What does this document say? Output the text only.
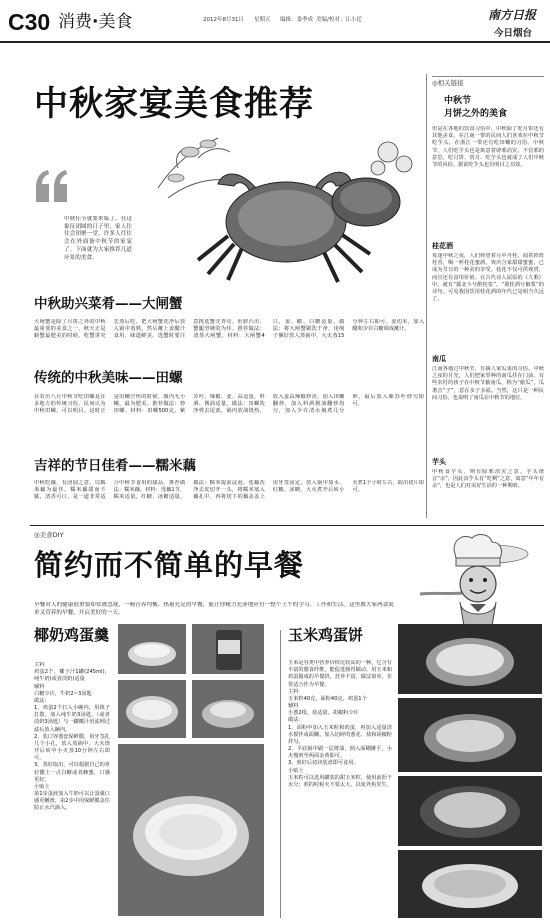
C30 消费·美食	2012年8月31日 星期五 编辑：娄季成 美编/校对：江小廷	南方日报
今日烟台
◎相关链接
中秋节
月饼之外的美食
但是在各地的饮食习俗中，中秋除了吃月饼还有其他美食。在江南一带的民间人们喜欢在中秋节吃芋头，在浙江一带还有吃田螺的习俗。中秋节，人们吃芋头也是寓意着辟邪消灾、不信邪的意思，吃月饼、赏月、吃芋头也就成了人们中秋节的风俗。据说吃芋头也有明目之功效。
桂花酒
每逢中秋之夜，人们仰望着月中丹桂，闻着阵阵桂香，喝一杯桂花蜜酒，欢庆合家甜甜蜜蜜，已成为节日的一种美的享受。桂花不仅可供观赏，而且还有食用价值。在古代诗人屈原的《九歌》中，就有“援北斗兮酌桂浆”，“奠桂酒兮椒浆”的诗句。可见我国饮用桂花酒的年代已是相当久远了。
南瓜
江南各地过中秋节，有摘人家瓜果的习俗。中秋之夜的月光，人们把家里种的南瓜挂在门前。有些农村的孩子在中秋节偷南瓜，称为“偷瓜”，瓜谐音“子”，意在多子多福。当然，这只是一种民间习俗，也说明了南瓜在中秋节的地位。
芋头
中秋食芋头，则有除邪消灾之意。芋头谐音“余”，因此食芋头有“吃剩”之意，寓意“年年有余”，也是人们对美好生活的一种期盼。
中秋家宴美食推荐
中秋佳节就要来临了，在这象征团圆的日子里，家人往往会团聚一堂。许多人往往会在外面备中秋节的家宴了。下面就为大家推荐几道应景的美食。
中秋助兴菜肴——大闸蟹
大闸蟹是除了月饼之外的中秋最重要的美食之一，秋天正是螃蟹最肥美的时候。吃蟹讲究先蒸后吃，把大闸蟹洗净后放入锅中蒸熟，然后蘸上姜醋汁食用，味道鲜美。选蟹时要注意挑选蟹壳青亮、肚脐凸出、蟹腿坚硬的为佳。推荐做法：清蒸大闸蟹。材料：大闸蟹4只，姜、醋、白糖适量。做法：将大闸蟹刷洗干净，用绳子捆好放入蒸锅中，大火蒸15分钟左右即可。姜切末，加入醋和少许白糖调成蘸汁。
传统的中秋美味——田螺
在农历八月中秋节吃田螺是许多地方的传统习俗。民间认为中秋田螺，可以明目。这时正是田螺空怀的时候，腹内无小螺，最为肥美。推荐做法：炒田螺。材料：田螺500克，紫苏叶、辣椒、姜、蒜适量，料酒、酱油适量。做法：田螺洗净剪去尾部，锅内放油烧热，放入姜蒜辣椒炒香，加入田螺翻炒，加入料酒酱油翻炒均匀，加入少许清水焖煮几分钟，最后放入紫苏叶炒匀即可。
吉祥的节日佳肴——糯米藕
中秋吃藕，有团圆之意，以糯米藕为最佳。糯米藕甜而不腻，清香可口，是一道非常适合中秋节食用的甜品。推荐做法：糯米藕。材料：莲藕1节，糯米适量，红糖、冰糖适量。做法：糯米提前浸泡，莲藕洗净去皮切开一头，将糯米塞入藕孔中，再将切下的藕盖盖上用牙签固定。放入锅中加水、红糖、冰糖，大火煮开后转小火煮1个小时左右，取出切片即可。
◎美食DIY
简约而不简单的早餐
早餐对人的健康很重要却常被忽视，一顿营养均衡、热量充足的早餐，能让你精力充沛地应付一整个上午的学习、工作和生活。这里教大家两款简单又营养的早餐，开启美好的一天。
椰奶鸡蛋羹
主料
鸡蛋2个，椰子汁1罐(245ml)，纯牛奶(或者淡奶)适量
辅料
白糖少许，牛奶2~3汤匙
做法：
1、鸡蛋2个打入小碗内，用筷子打散，加入纯牛奶3汤匙，（或者淡奶3汤匙）与一罐椰汁用滤网过滤后放入碗内。
2、装口容器套保鲜膜，用牙签扎几个小孔，放入蒸锅中，大火烧开后转中小火蒸10分钟左右即可。
3、蒸好取出，可以根据自己的喜好撒上一点白糖或者蜂蜜，口感更好。
小贴士
第1步蛋液加入牛奶可以让蛋羹口感更嫩滑，第2步中用保鲜膜盖住防止水汽滴入。
玉米鸡蛋饼
玉米是谷类中营养价值比较高的一种，它含有丰富的膳食纤维，能促进肠胃蠕动。用玉米和鸡蛋做成的早餐饼，营养丰富，做法简单，非常适合作为早餐。
主料
玉米粒40克，面粉40克，鸡蛋1个
辅料
小葱2根，盐适量，胡椒粉少许
做法：
1、面粉中加入玉米粒和鸡蛋，再加入适量清水搅拌成面糊，加入切碎的葱花、盐和胡椒粉拌匀。
2、平底锅中刷一层薄油，倒入面糊摊平，小火慢煎至两面金黄即可。
3、煎好后切块装盘即可食用。
小贴士
玉米粒可以选用罐装的甜玉米粒，使用前沥干水分；煎的时候火不要太大，以免外焦里生。
